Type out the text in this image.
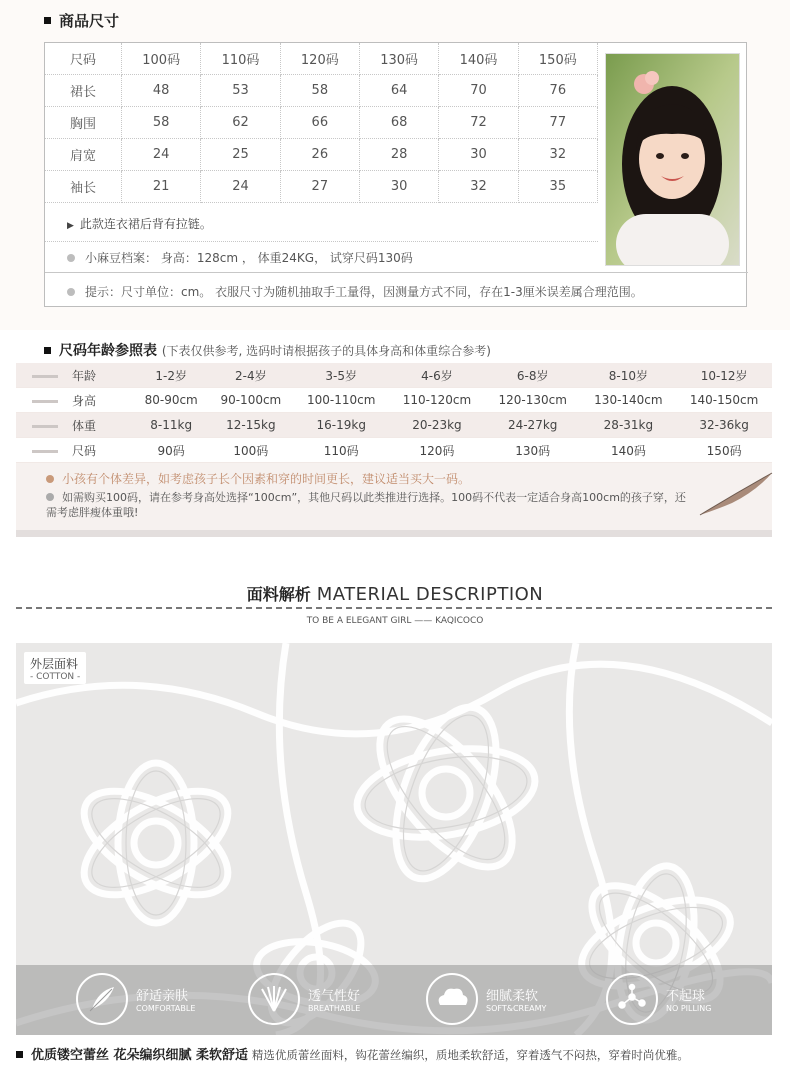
商品尺寸
尺码	100码	110码	120码	130码	140码	150码
裙长	48	53	58	64	70	76
胸围	58	62	66	68	72	77
肩宽	24	25	26	28	30	32
袖长	21	24	27	30	32	35
▶ 此款连衣裙后背有拉链。
小麻豆档案： 身高：128cm ， 体重24KG， 试穿尺码130码
提示：尺寸单位：cm。 衣服尺寸为随机抽取手工量得，因测量方式不同，存在1-3厘米误差属合理范围。
尺码年龄参照表 (下表仅供参考, 选码时请根据孩子的具体身高和体重综合参考)
年龄	1-2岁	2-4岁	3-5岁	4-6岁	6-8岁	8-10岁	10-12岁
身高	80-90cm	90-100cm	100-110cm	110-120cm	120-130cm	130-140cm	140-150cm
体重	8-11kg	12-15kg	16-19kg	20-23kg	24-27kg	28-31kg	32-36kg
尺码	90码	100码	110码	120码	130码	140码	150码
小孩有个体差异，如考虑孩子长个因素和穿的时间更长，建议适当买大一码。
如需购买100码，请在参考身高处选择“100cm”，其他尺码以此类推进行选择。100码不代表一定适合身高100cm的孩子穿，还需考虑胖瘦体重哦!
面料解析 MATERIAL DESCRIPTION
TO BE A ELEGANT GIRL —— KAQICOCO
外层面料
- COTTON -
舒适亲肤
COMFORTABLE
透气性好
BREATHABLE
细腻柔软
SOFT&CREAMY
不起球
NO PILLING
优质镂空蕾丝 花朵编织细腻 柔软舒适 精选优质蕾丝面料，钩花蕾丝编织，质地柔软舒适，穿着透气不闷热，穿着时尚优雅。
